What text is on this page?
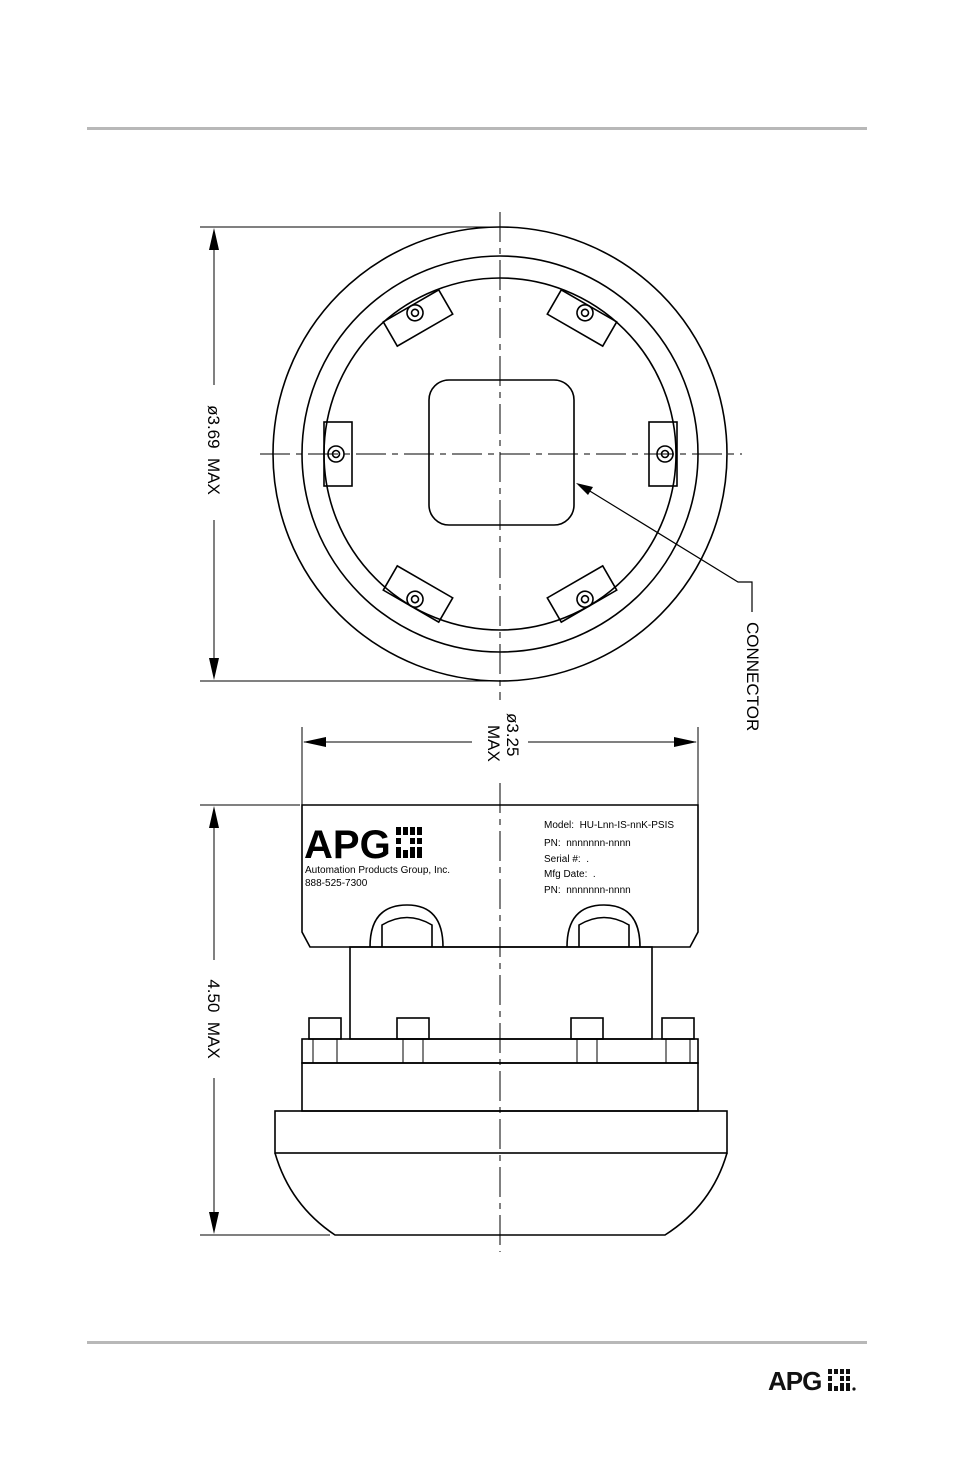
ø3.69  MAX
CONNECTOR
ø3.25
MAX
4.50  MAX
APG
Automation Products Group, Inc.
888-525-7300
Model:  HU-Lnn-IS-nnK-PSIS
PN:  nnnnnnn-nnnn
Serial #:  .
Mfg Date:  .
PN:  nnnnnnn-nnnn
APG
